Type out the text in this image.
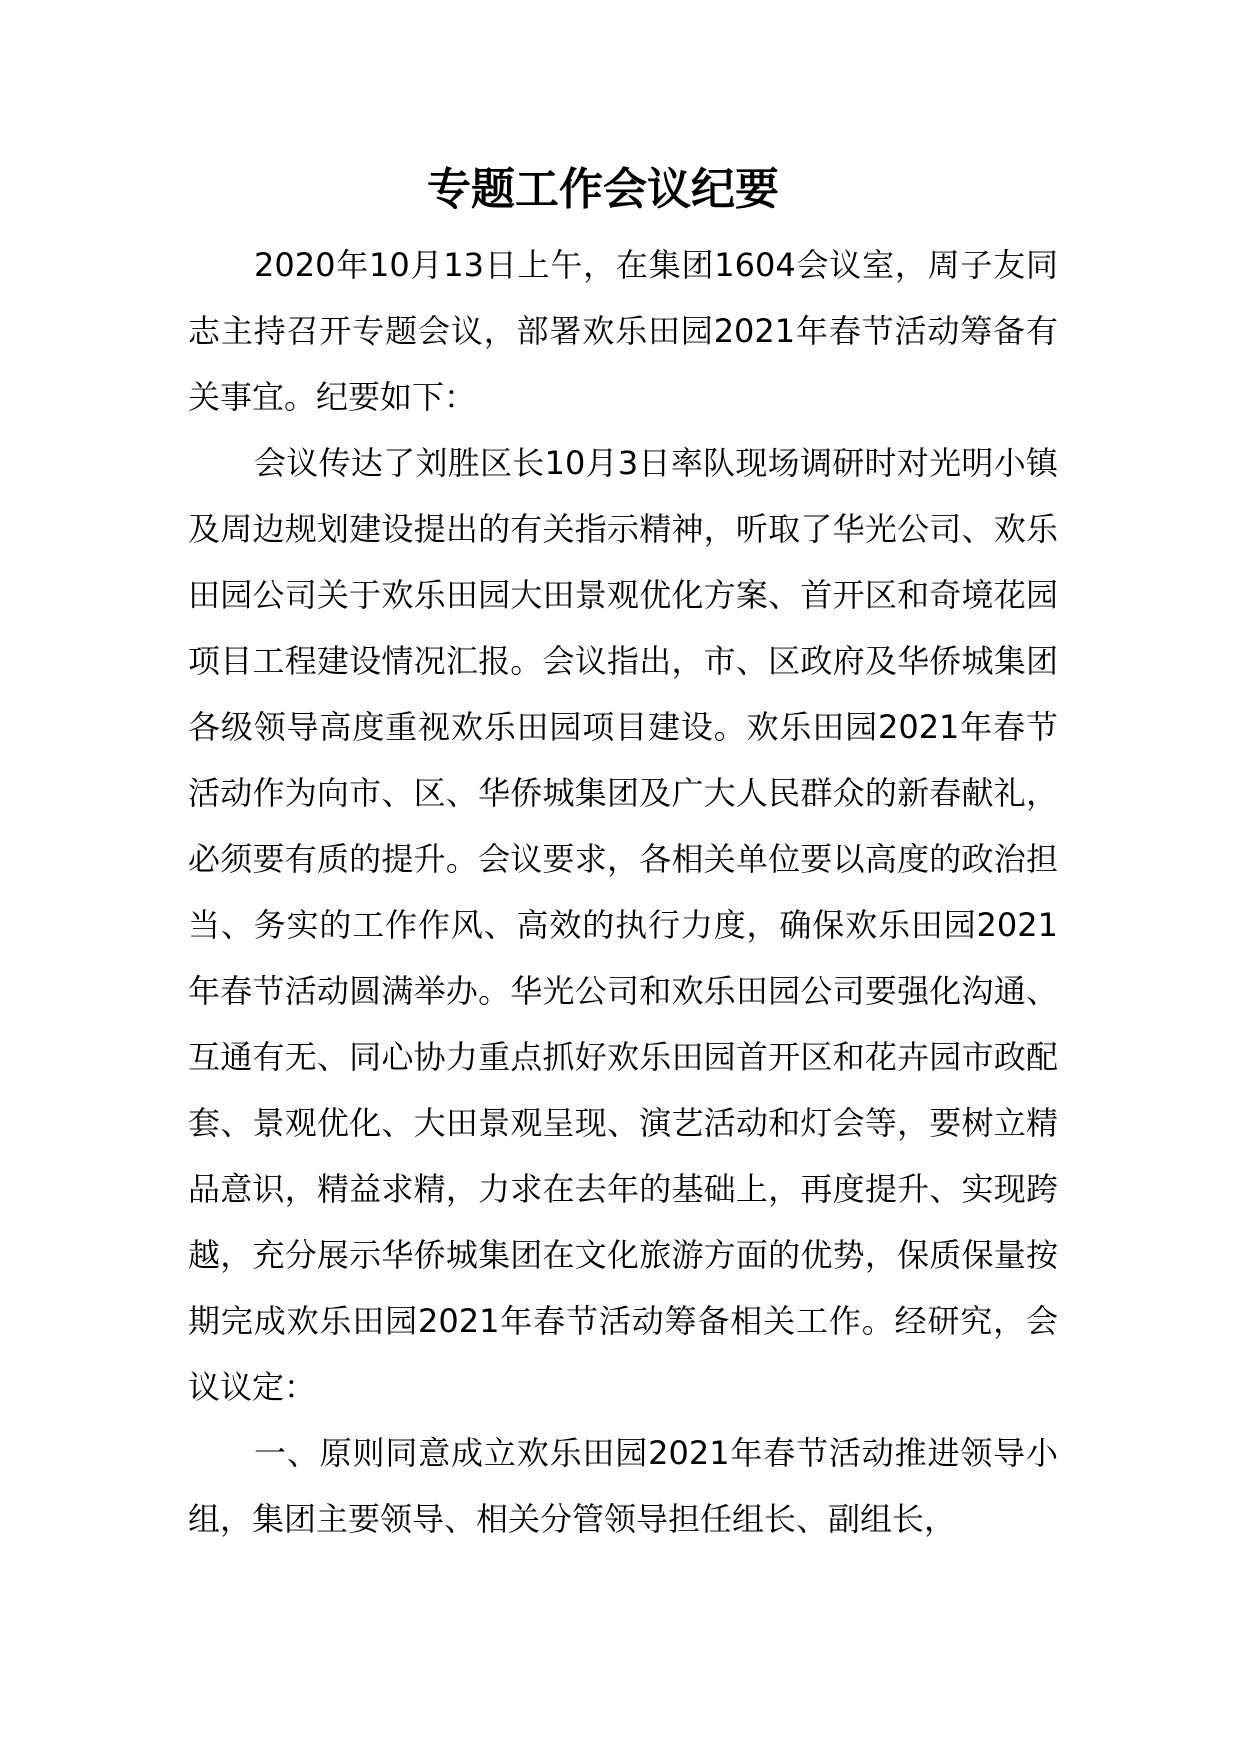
专题工作会议纪要

2020年10月13日上午，在集团1604会议室，周子友同志主持召开专题会议，部署欢乐田园2021年春节活动筹备有关事宜。纪要如下：

会议传达了刘胜区长10月3日率队现场调研时对光明小镇及周边规划建设提出的有关指示精神，听取了华光公司、欢乐田园公司关于欢乐田园大田景观优化方案、首开区和奇境花园项目工程建设情况汇报。会议指出，市、区政府及华侨城集团各级领导高度重视欢乐田园项目建设。欢乐田园2021年春节活动作为向市、区、华侨城集团及广大人民群众的新春献礼，必须要有质的提升。会议要求，各相关单位要以高度的政治担当、务实的工作作风、高效的执行力度，确保欢乐田园2021年春节活动圆满举办。华光公司和欢乐田园公司要强化沟通、互通有无、同心协力重点抓好欢乐田园首开区和花卉园市政配套、景观优化、大田景观呈现、演艺活动和灯会等，要树立精品意识，精益求精，力求在去年的基础上，再度提升、实现跨越，充分展示华侨城集团在文化旅游方面的优势，保质保量按期完成欢乐田园2021年春节活动筹备相关工作。经研究，会议议定：

一、原则同意成立欢乐田园2021年春节活动推进领导小组，集团主要领导、相关分管领导担任组长、副组长，
